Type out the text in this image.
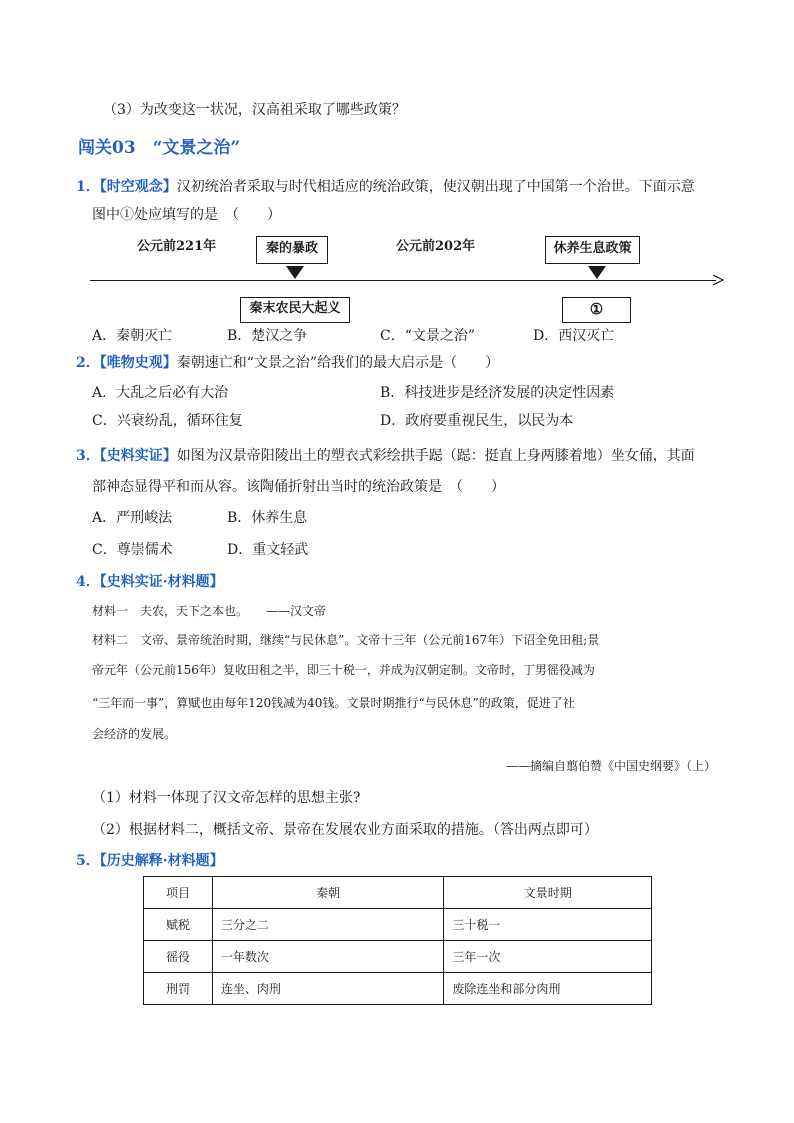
（3）为改变这一状况，汉高祖采取了哪些政策？
闯关03　“文景之治”
1．【时空观念】汉初统治者采取与时代相适应的统治政策，使汉朝出现了中国第一个治世。下面示意
图中①处应填写的是　（　　）
公元前221年	公元前202年
秦的暴政	休养生息政策
秦末农民大起义	①
A．秦朝灭亡	B．楚汉之争	C．“文景之治”	D．西汉灭亡
2．【唯物史观】秦朝速亡和“文景之治”给我们的最大启示是（　　）
A．大乱之后必有大治	B．科技进步是经济发展的决定性因素
C．兴衰纷乱，循环往复	D．政府要重视民生，以民为本
3．【史料实证】如图为汉景帝阳陵出土的塑衣式彩绘拱手跽（跽：挺直上身两膝着地）坐女俑，其面
部神态显得平和而从容。该陶俑折射出当时的统治政策是　（　　）
A．严刑峻法	B．休养生息
C．尊崇儒术	D．重文轻武
4．【史料实证·材料题】
材料一　夫农，天下之本也。　　——汉文帝
材料二　文帝、景帝统治时期，继续“与民休息”。文帝十三年（公元前167年）下诏全免田租;景
帝元年（公元前156年）复收田租之半，即三十税一，并成为汉朝定制。文帝时，丁男徭役减为
“三年而一事”，算赋也由每年120钱减为40钱。文景时期推行“与民休息”的政策，促进了社
会经济的发展。
——摘编自翦伯赞《中国史纲要》（上）
（1）材料一体现了汉文帝怎样的思想主张?
（2）根据材料二，概括文帝、景帝在发展农业方面采取的措施。（答出两点即可）
5．【历史解释·材料题】
项目	秦朝	文景时期
赋税	三分之二	三十税一
徭役	一年数次	三年一次
刑罚	连坐、肉刑	废除连坐和部分肉刑
